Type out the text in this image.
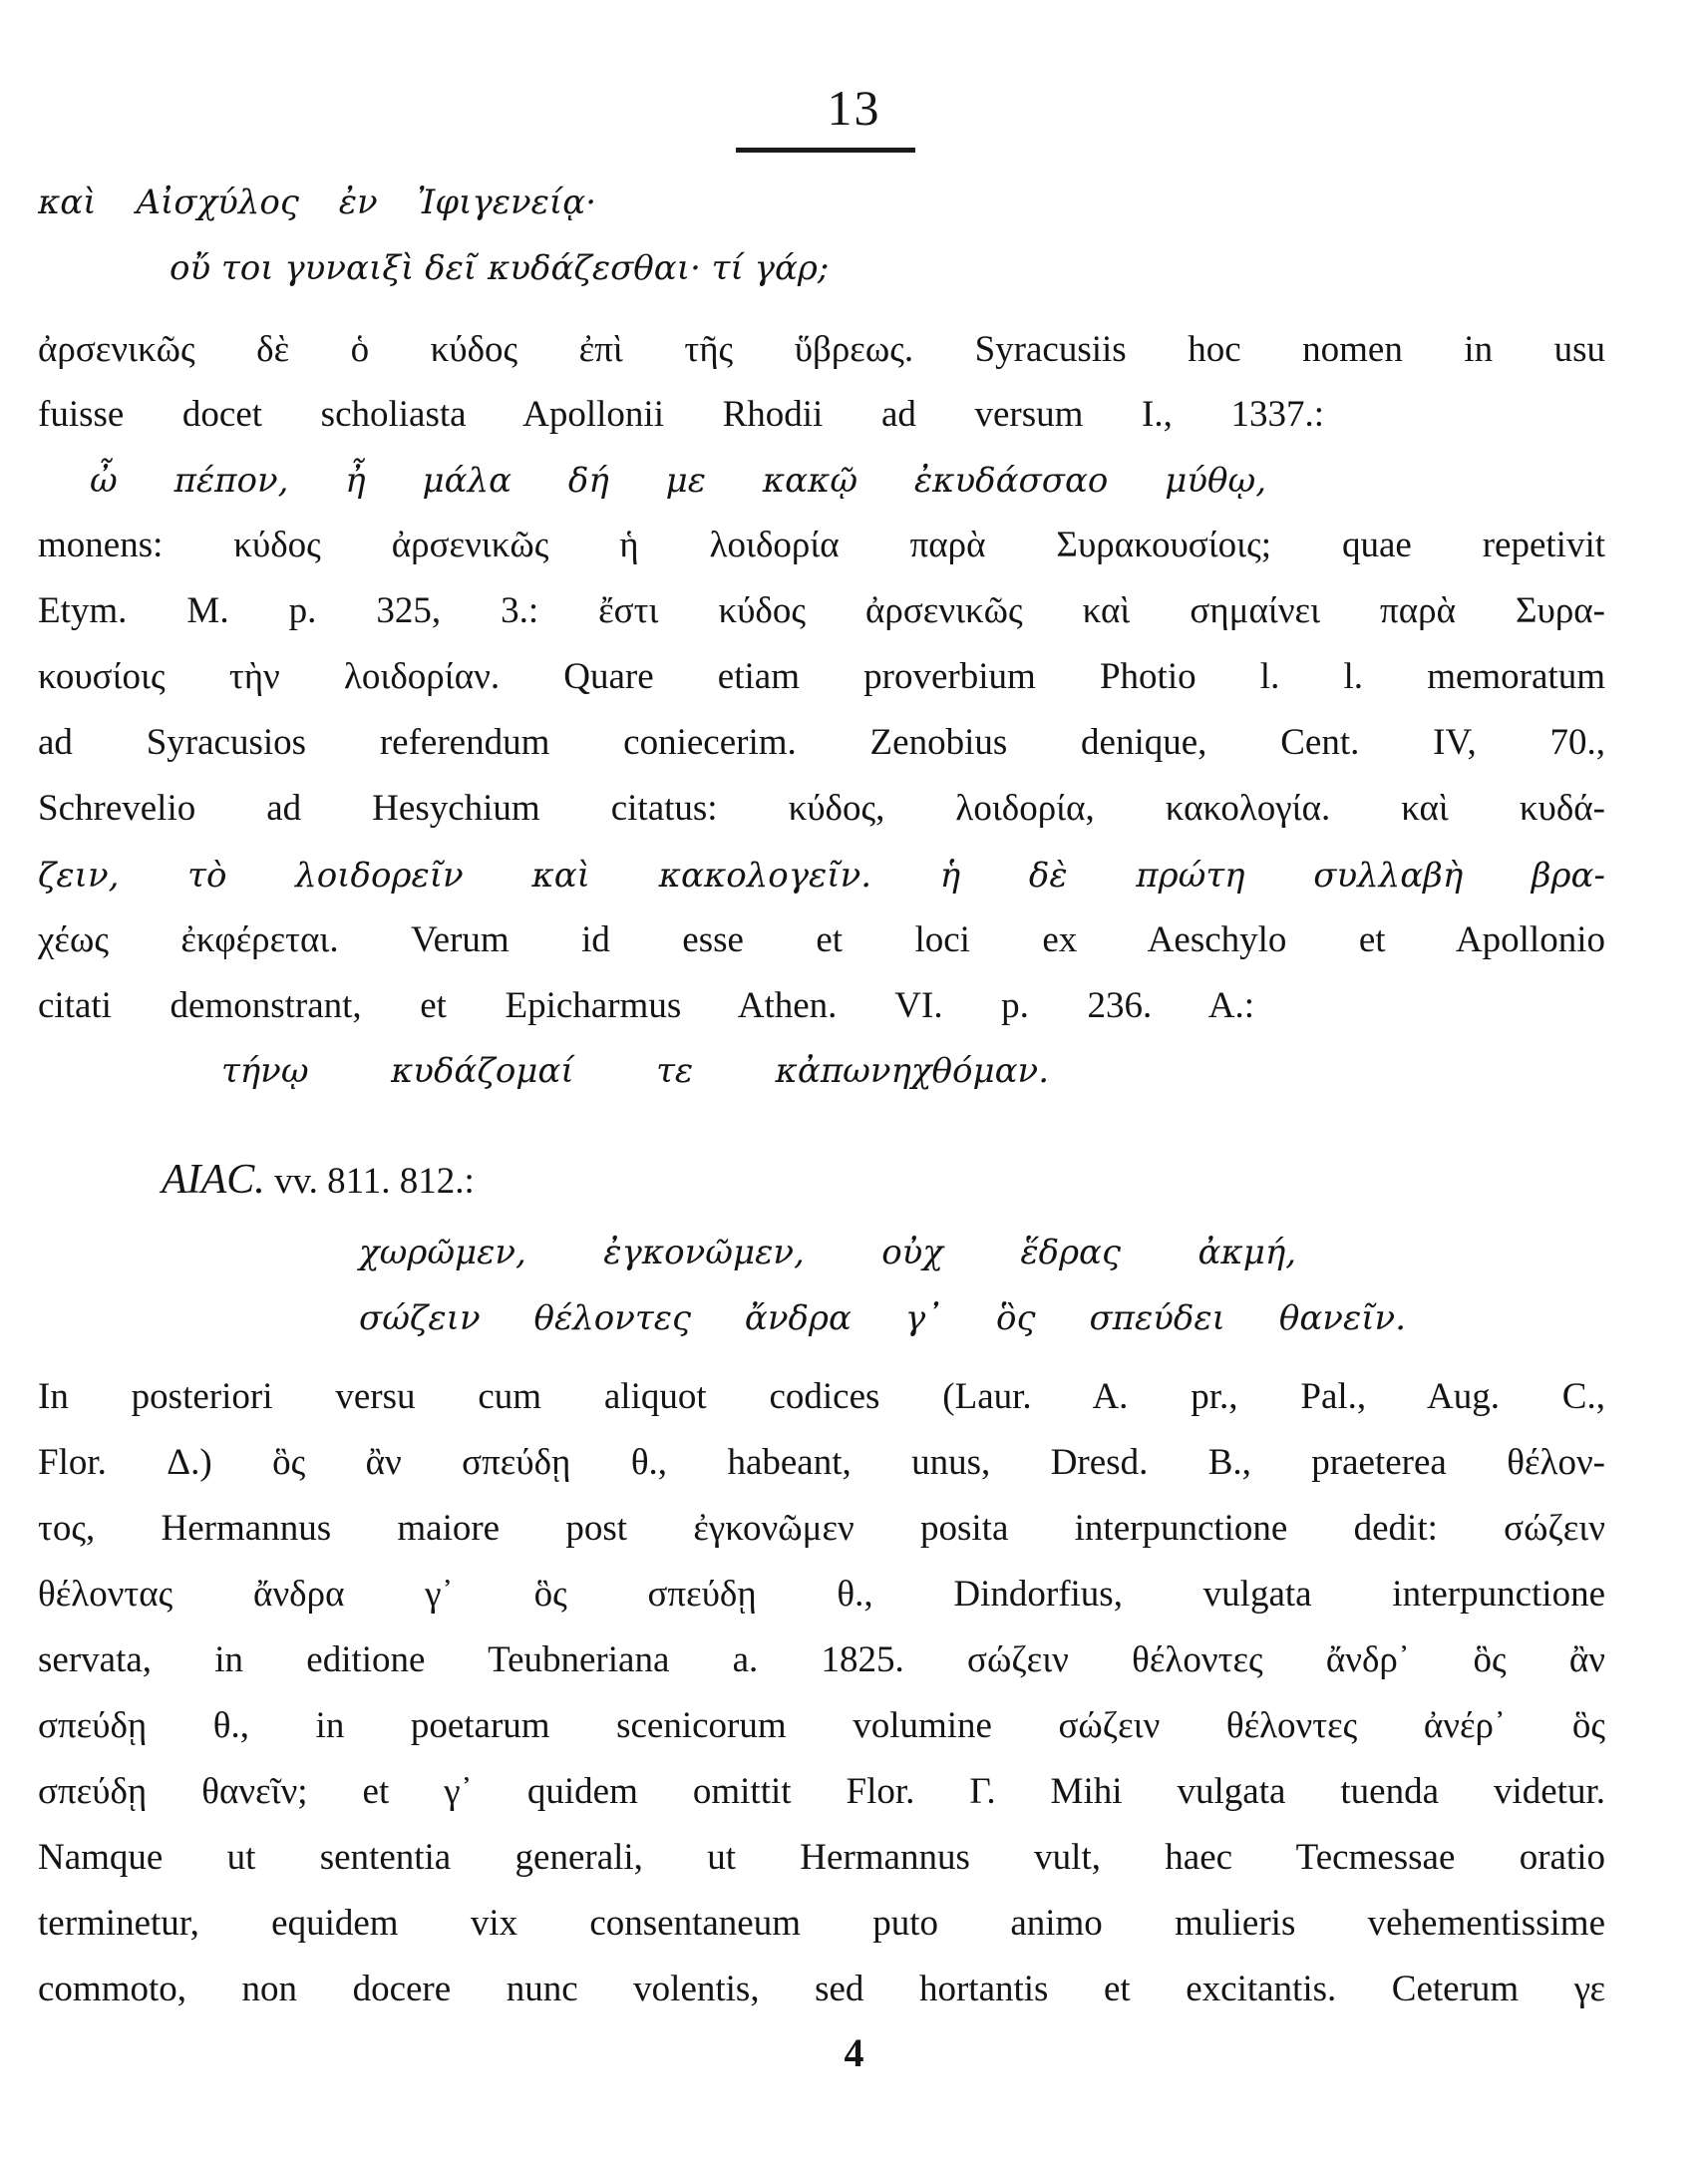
13
καὶ Αἰσχύλος ἐν Ἰφιγενείᾳ·
οὔ τοι γυναιξὶ δεῖ κυδάζεσθαι· τί γάρ;
ἀρσενικῶς δὲ ὁ κύδος ἐπὶ τῆς ὕβρεως. Syracusiis hoc nomen in usu
fuisse docet scholiasta Apollonii Rhodii ad versum I., 1337.:
ὦ πέπον, ἦ μάλα δή με κακῷ ἐκυδάσσαο μύθῳ,
monens: κύδος ἀρσενικῶς ἡ λοιδορία παρὰ Συρακουσίοις; quae repetivit
Etym. M. p. 325, 3.: ἔστι κύδος ἀρσενικῶς καὶ σημαίνει παρὰ Συρα-
κουσίοις τὴν λοιδορίαν. Quare etiam proverbium Photio l. l. memoratum
ad Syracusios referendum coniecerim. Zenobius denique, Cent. IV, 70.,
Schrevelio ad Hesychium citatus: κύδος, λοιδορία, κακολογία. καὶ κυδά-
ζειν, τὸ λοιδορεῖν καὶ κακολογεῖν. ἡ δὲ πρώτη συλλαβὴ βρα-
χέως ἐκφέρεται. Verum id esse et loci ex Aeschylo et Apollonio
citati demonstrant, et Epicharmus Athen. VI. p. 236. A.:
τήνῳ κυδάζομαί τε κἀπωνηχθόμαν.
AIAC. vv. 811. 812.:
χωρῶμεν, ἐγκονῶμεν, οὐχ ἕδρας ἀκμή,
σώζειν θέλοντες ἄνδρα γ᾽ ὃς σπεύδει θανεῖν.
In posteriori versu cum aliquot codices (Laur. A. pr., Pal., Aug. C.,
Flor. Δ.) ὃς ἂν σπεύδῃ θ., habeant, unus, Dresd. B., praeterea θέλον-
τος, Hermannus maiore post ἐγκονῶμεν posita interpunctione dedit: σώζειν
θέλοντας ἄνδρα γ᾽ ὃς σπεύδῃ θ., Dindorfius, vulgata interpunctione
servata, in editione Teubneriana a. 1825. σώζειν θέλοντες ἄνδρ᾽ ὃς ἂν
σπεύδῃ θ., in poetarum scenicorum volumine σώζειν θέλοντες ἀνέρ᾽ ὃς
σπεύδῃ θανεῖν; et γ᾽ quidem omittit Flor. Γ. Mihi vulgata tuenda videtur.
Namque ut sententia generali, ut Hermannus vult, haec Tecmessae oratio
terminetur, equidem vix consentaneum puto animo mulieris vehementissime
commoto, non docere nunc volentis, sed hortantis et excitantis. Ceterum γε
4
